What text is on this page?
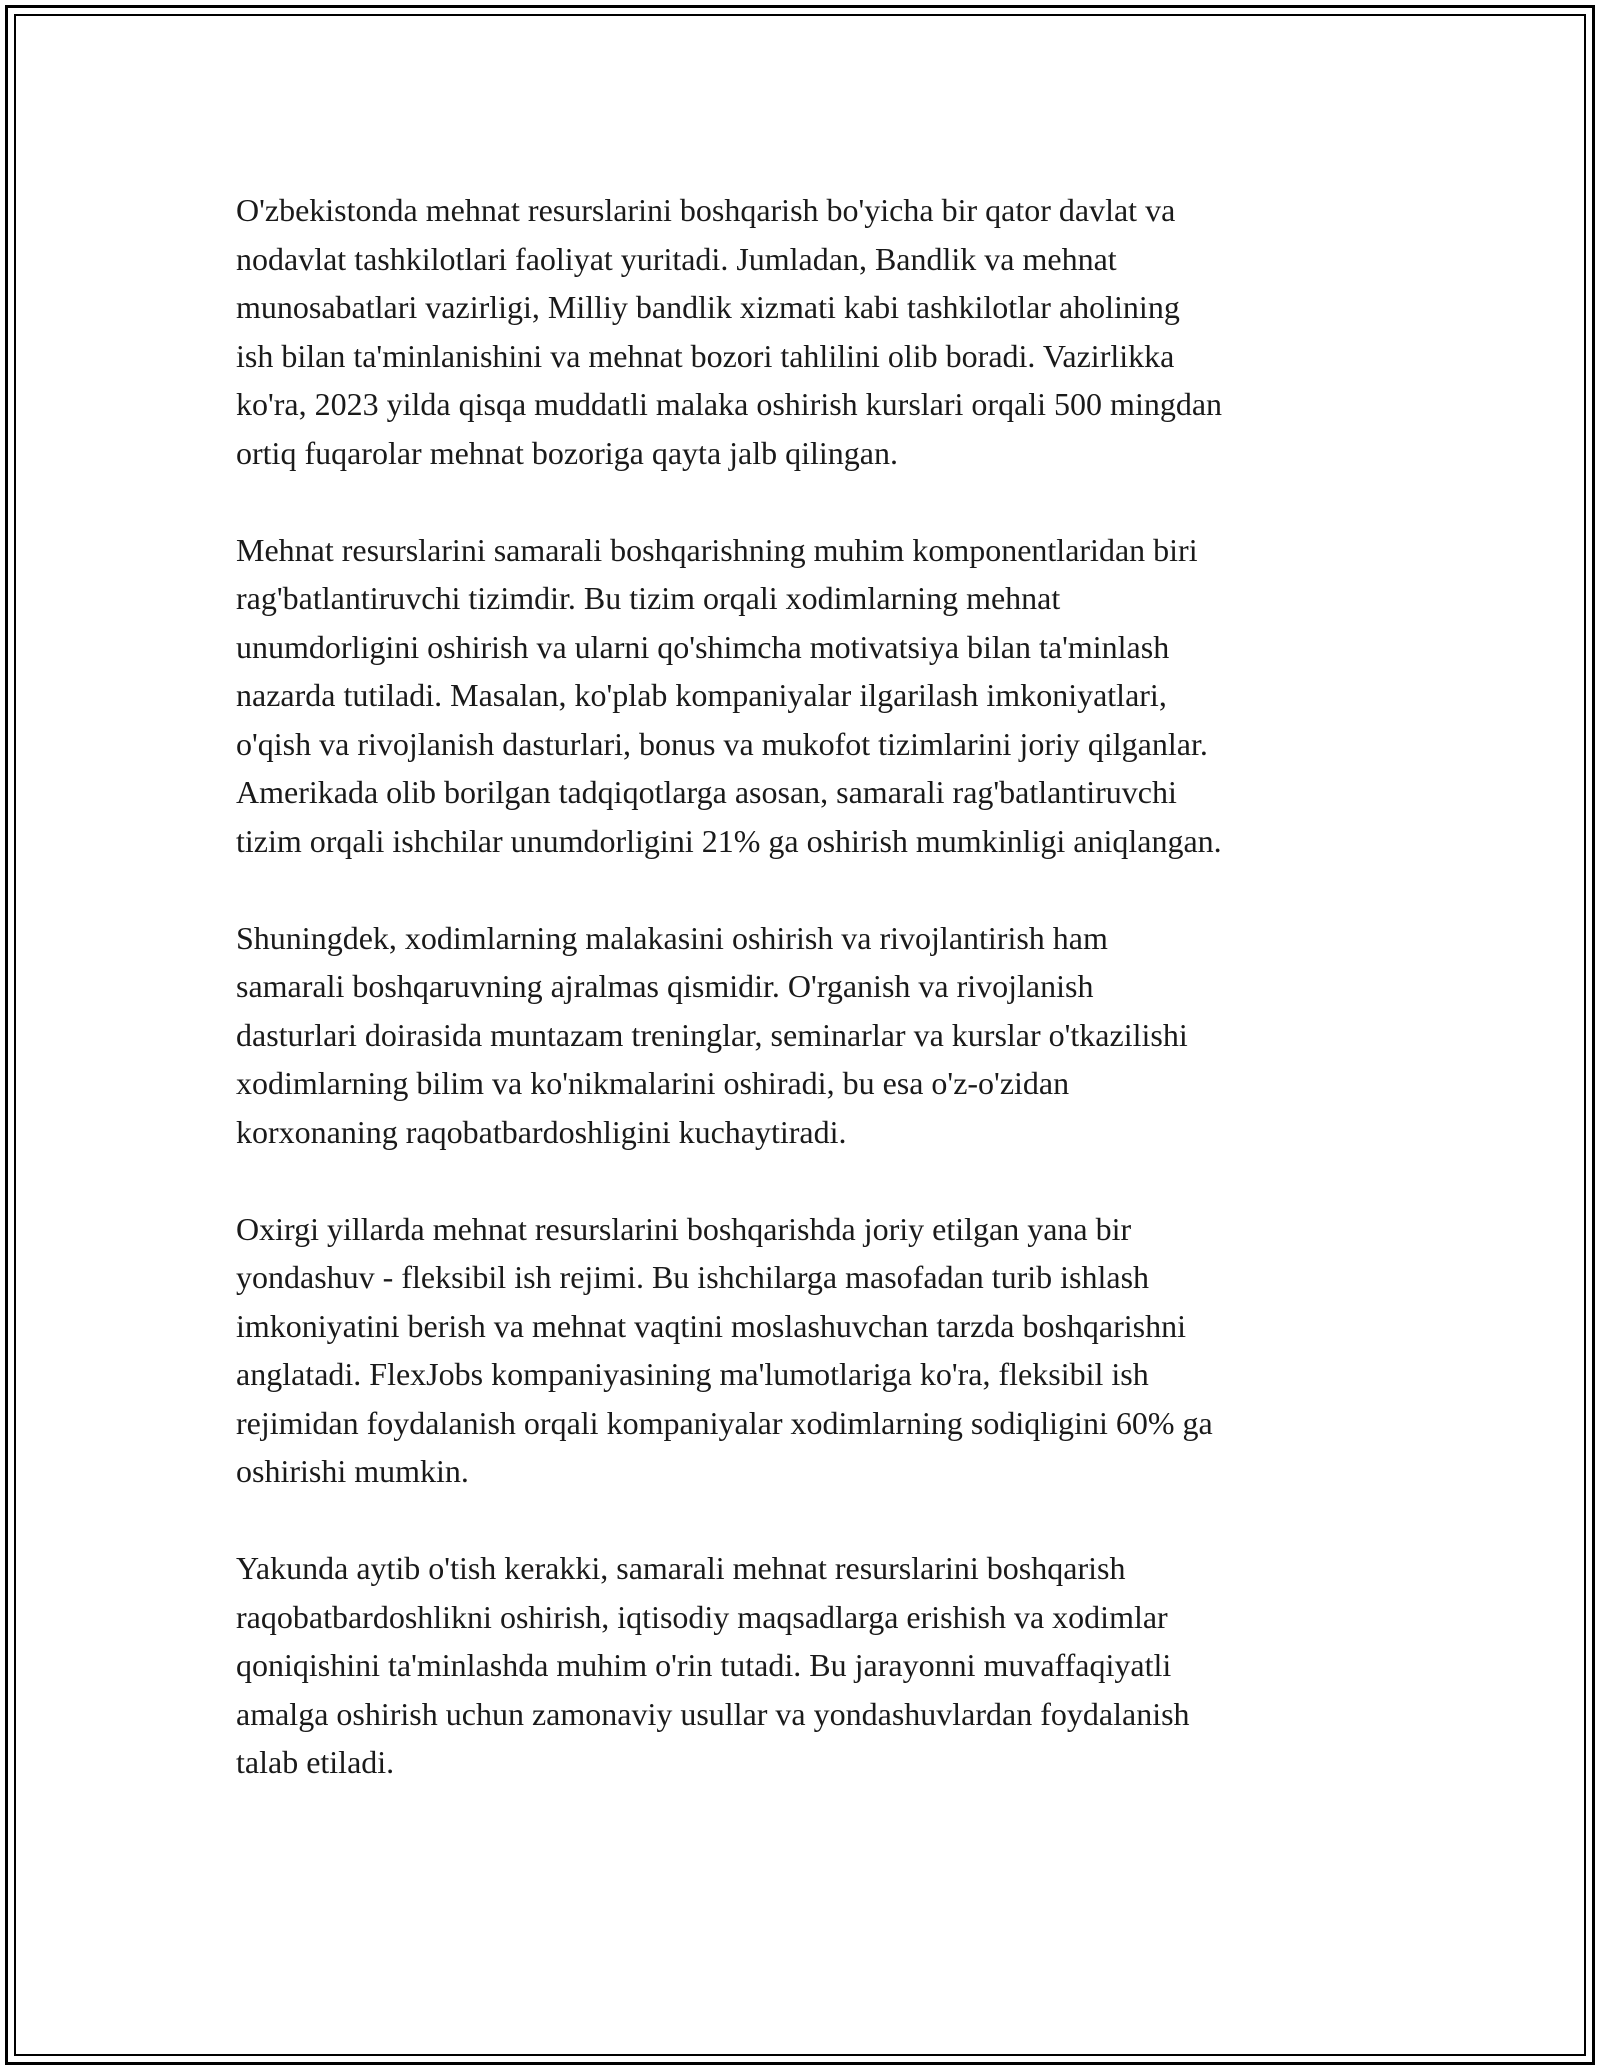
O'zbekistonda mehnat resurslarini boshqarish bo'yicha bir qator davlat va
nodavlat tashkilotlari faoliyat yuritadi. Jumladan, Bandlik va mehnat
munosabatlari vazirligi, Milliy bandlik xizmati kabi tashkilotlar aholining
ish bilan ta'minlanishini va mehnat bozori tahlilini olib boradi. Vazirlikka
ko'ra, 2023 yilda qisqa muddatli malaka oshirish kurslari orqali 500 mingdan
ortiq fuqarolar mehnat bozoriga qayta jalb qilingan.

Mehnat resurslarini samarali boshqarishning muhim komponentlaridan biri
rag'batlantiruvchi tizimdir. Bu tizim orqali xodimlarning mehnat
unumdorligini oshirish va ularni qo'shimcha motivatsiya bilan ta'minlash
nazarda tutiladi. Masalan, ko'plab kompaniyalar ilgarilash imkoniyatlari,
o'qish va rivojlanish dasturlari, bonus va mukofot tizimlarini joriy qilganlar.
Amerikada olib borilgan tadqiqotlarga asosan, samarali rag'batlantiruvchi
tizim orqali ishchilar unumdorligini 21% ga oshirish mumkinligi aniqlangan.

Shuningdek, xodimlarning malakasini oshirish va rivojlantirish ham
samarali boshqaruvning ajralmas qismidir. O'rganish va rivojlanish
dasturlari doirasida muntazam treninglar, seminarlar va kurslar o'tkazilishi
xodimlarning bilim va ko'nikmalarini oshiradi, bu esa o'z-o'zidan
korxonaning raqobatbardoshligini kuchaytiradi.

Oxirgi yillarda mehnat resurslarini boshqarishda joriy etilgan yana bir
yondashuv - fleksibil ish rejimi. Bu ishchilarga masofadan turib ishlash
imkoniyatini berish va mehnat vaqtini moslashuvchan tarzda boshqarishni
anglatadi. FlexJobs kompaniyasining ma'lumotlariga ko'ra, fleksibil ish
rejimidan foydalanish orqali kompaniyalar xodimlarning sodiqligini 60% ga
oshirishi mumkin.

Yakunda aytib o'tish kerakki, samarali mehnat resurslarini boshqarish
raqobatbardoshlikni oshirish, iqtisodiy maqsadlarga erishish va xodimlar
qoniqishini ta'minlashda muhim o'rin tutadi. Bu jarayonni muvaffaqiyatli
amalga oshirish uchun zamonaviy usullar va yondashuvlardan foydalanish
talab etiladi.
